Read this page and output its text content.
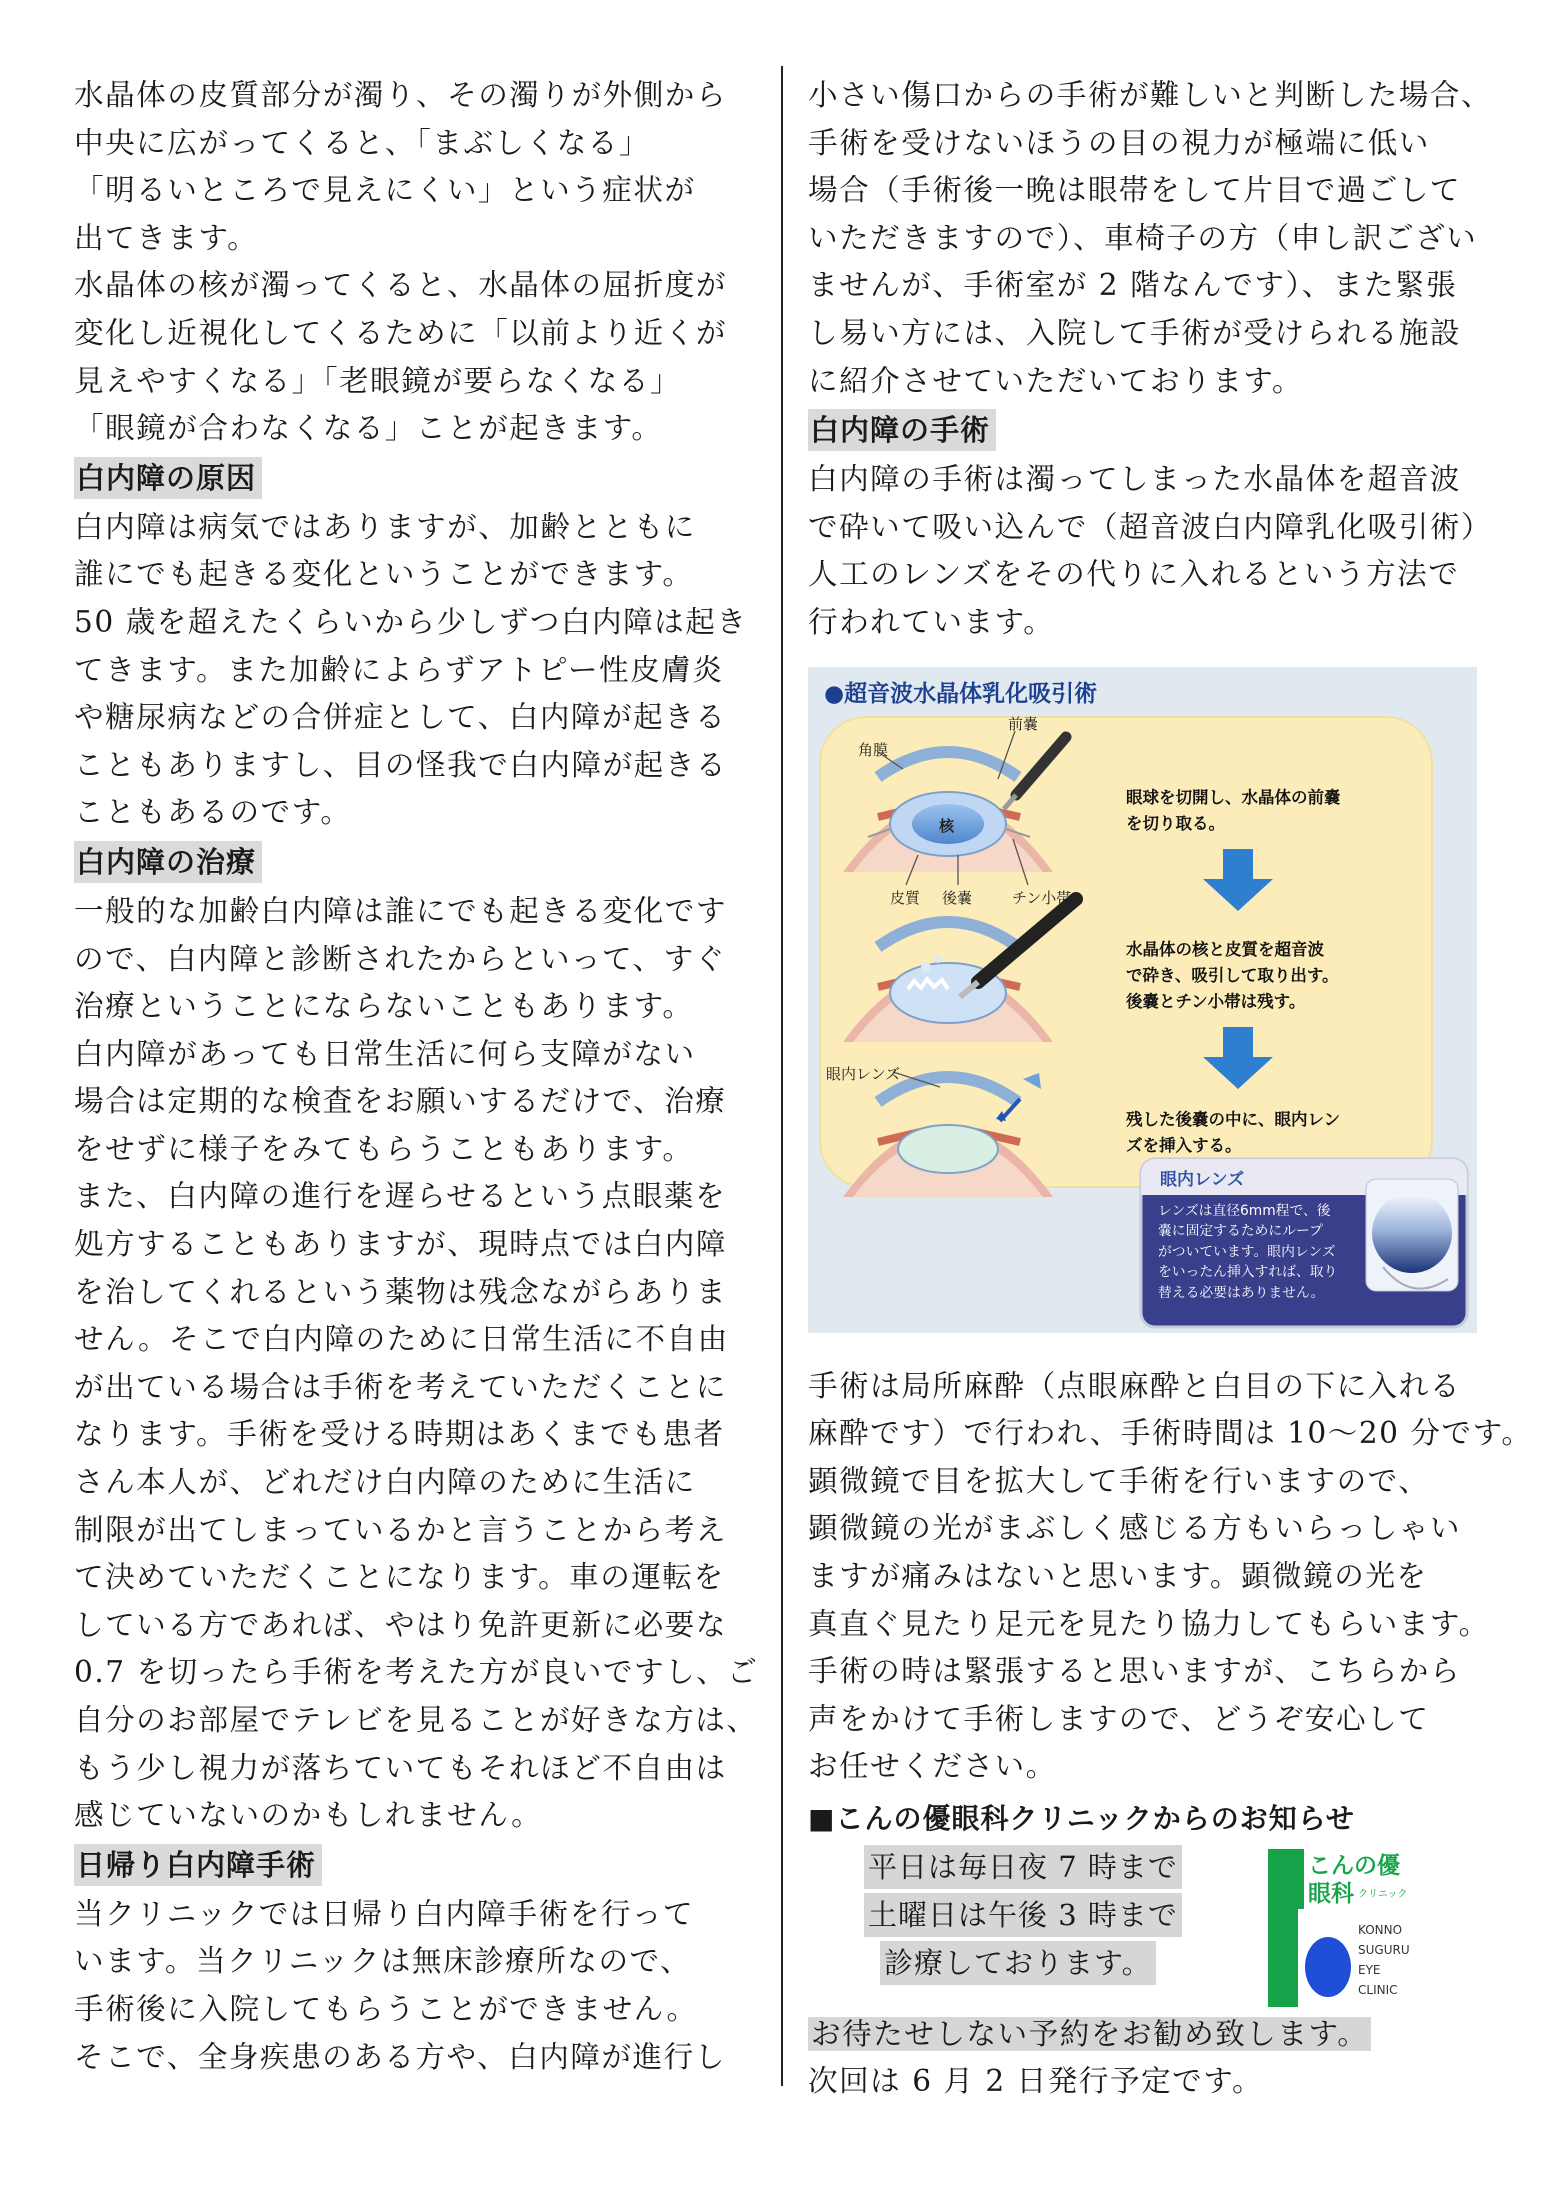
水晶体の皮質部分が濁り、その濁りが外側から

中央に広がってくると、「まぶしくなる」

「明るいところで見えにくい」という症状が

出てきます。

水晶体の核が濁ってくると、水晶体の屈折度が

変化し近視化してくるために「以前より近くが

見えやすくなる」「老眼鏡が要らなくなる」

「眼鏡が合わなくなる」ことが起きます。

白内障の原因

白内障は病気ではありますが、加齢とともに

誰にでも起きる変化ということができます。

50 歳を超えたくらいから少しずつ白内障は起き

てきます。また加齢によらずアトピー性皮膚炎

や糖尿病などの合併症として、白内障が起きる

こともありますし、目の怪我で白内障が起きる

こともあるのです。

白内障の治療

一般的な加齢白内障は誰にでも起きる変化です

ので、白内障と診断されたからといって、すぐ

治療ということにならないこともあります。

白内障があっても日常生活に何ら支障がない

場合は定期的な検査をお願いするだけで、治療

をせずに様子をみてもらうこともあります。

また、白内障の進行を遅らせるという点眼薬を

処方することもありますが、現時点では白内障

を治してくれるという薬物は残念ながらありま

せん。そこで白内障のために日常生活に不自由

が出ている場合は手術を考えていただくことに

なります。手術を受ける時期はあくまでも患者

さん本人が、どれだけ白内障のために生活に

制限が出てしまっているかと言うことから考え

て決めていただくことになります。車の運転を

している方であれば、やはり免許更新に必要な

0.7 を切ったら手術を考えた方が良いですし、ご

自分のお部屋でテレビを見ることが好きな方は、

もう少し視力が落ちていてもそれほど不自由は

感じていないのかもしれません。

日帰り白内障手術

当クリニックでは日帰り白内障手術を行って

います。当クリニックは無床診療所なので、

手術後に入院してもらうことができません。

そこで、全身疾患のある方や、白内障が進行し

小さい傷口からの手術が難しいと判断した場合、

手術を受けないほうの目の視力が極端に低い

場合（手術後一晩は眼帯をして片目で過ごして

いただきますので）、車椅子の方（申し訳ござい

ませんが、手術室が 2 階なんです）、また緊張

し易い方には、入院して手術が受けられる施設

に紹介させていただいております。

白内障の手術

白内障の手術は濁ってしまった水晶体を超音波

で砕いて吸い込んで（超音波白内障乳化吸引術）

人工のレンズをその代りに入れるという方法で

行われています。

●超音波水晶体乳化吸引術
角膜
前嚢
核
皮質 後嚢	チン小帯
眼内レンズ
眼球を切開し、水晶体の前嚢
を切り取る。
水晶体の核と皮質を超音波
で砕き、吸引して取り出す。
後嚢とチン小帯は残す。
残した後嚢の中に、眼内レン
ズを挿入する。
眼内レンズ
レンズは直径6mm程で、後
嚢に固定するためにループ
がついています。眼内レンズ
をいったん挿入すれば、取り
替える必要はありません。

手術は局所麻酔（点眼麻酔と白目の下に入れる

麻酔です）で行われ、手術時間は 10～20 分です。

顕微鏡で目を拡大して手術を行いますので、

顕微鏡の光がまぶしく感じる方もいらっしゃい

ますが痛みはないと思います。顕微鏡の光を

真直ぐ見たり足元を見たり協力してもらいます。

手術の時は緊張すると思いますが、こちらから

声をかけて手術しますので、どうぞ安心して

お任せください。

■こんの優眼科クリニックからのお知らせ
平日は毎日夜 7 時まで
土曜日は午後 3 時まで
診療しております。
こんの優
眼科 クリニック
KONNO
SUGURU
EYE
CLINIC

お待たせしない予約をお勧め致します。

次回は 6 月 2 日発行予定です。
